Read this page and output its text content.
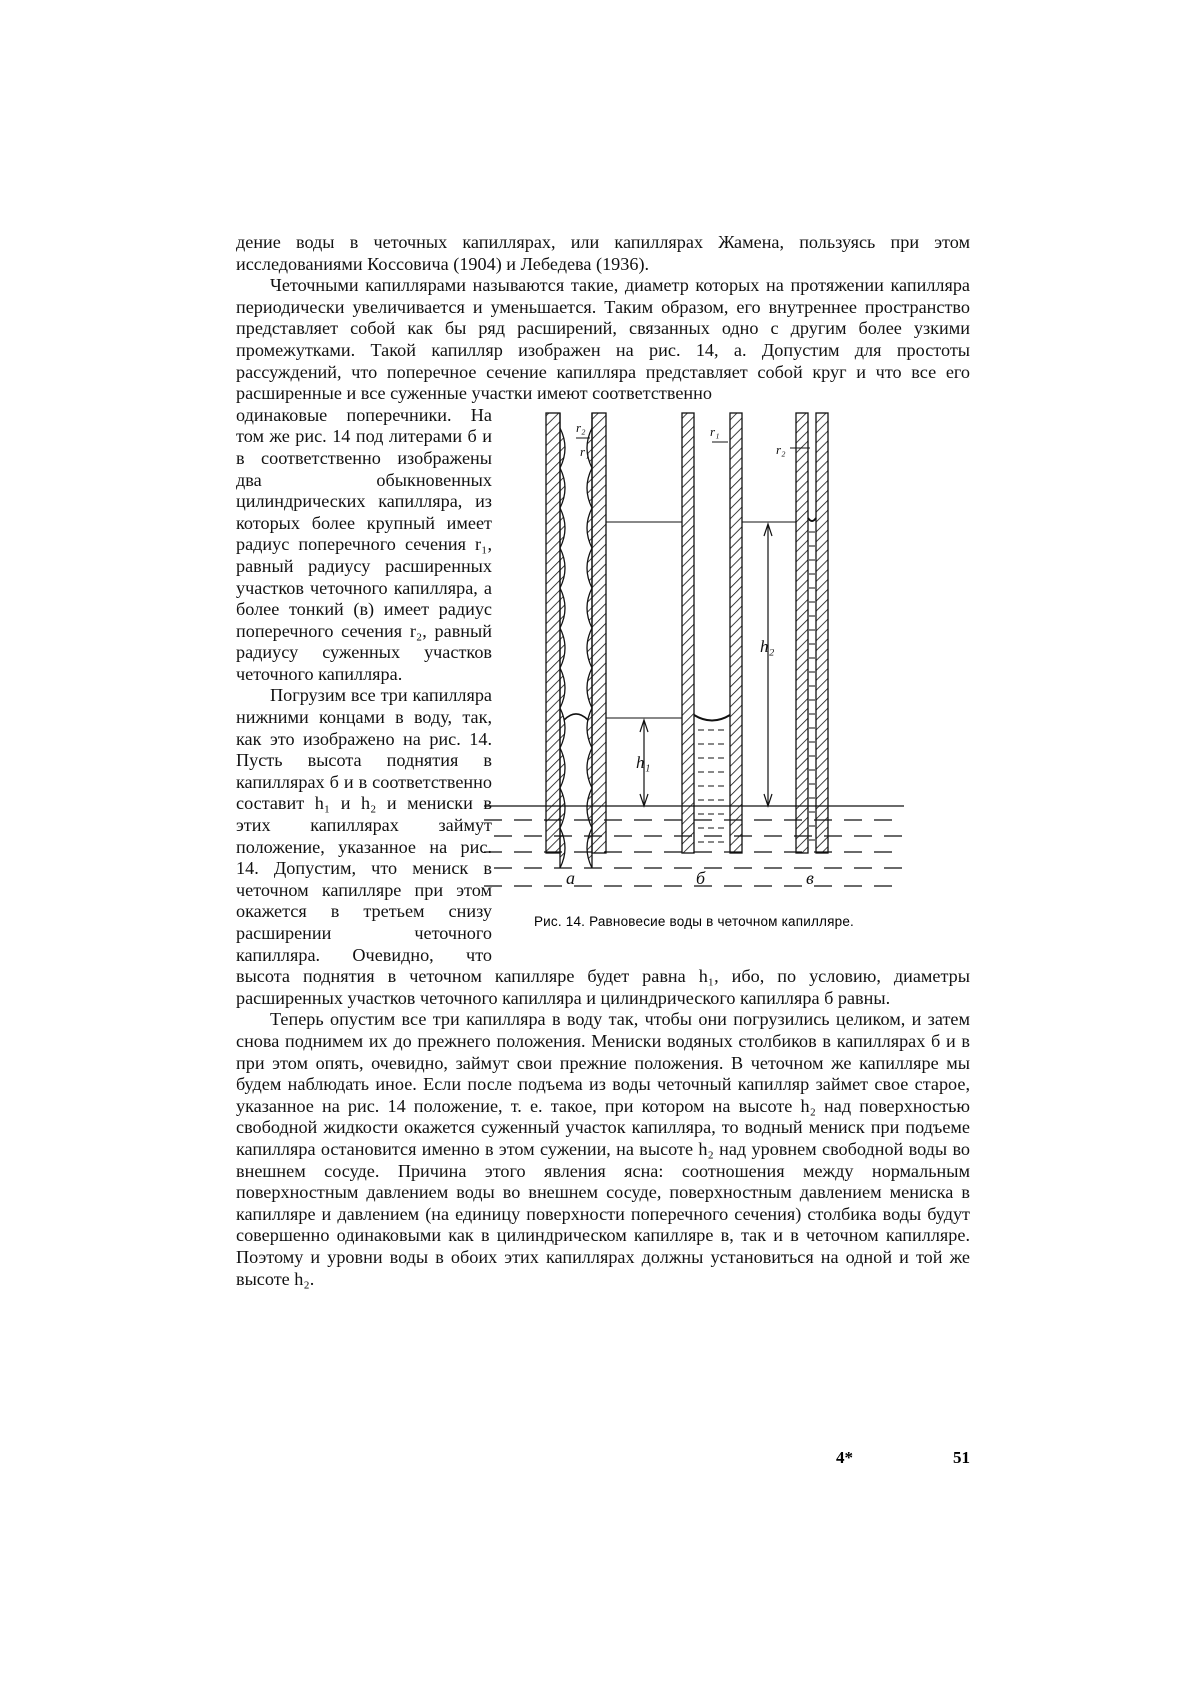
дение воды в четочных капиллярах, или капиллярах Жамена, пользуясь при этом исследованиями Коссовича (1904) и Лебедева (1936).

Четочными капиллярами называются такие, диаметр которых на протяжении капилляра периодически увеличивается и уменьшается. Таким образом, его внутреннее пространство представляет собой как бы ряд расширений, связанных одно с другим более узкими промежутками. Такой капилляр изображен на рис. 14, а. Допустим для простоты рассуждений, что поперечное сечение капилляра представляет собой круг и что все его расширенные и все суженные участки имеют соответственно

одинаковые поперечники. На том же рис. 14 под литерами б и в соответственно изображены два обыкновенных цилиндрических капилляра, из которых более крупный имеет радиус поперечного сечения r₁, равный радиусу расширенных участков четочного капилляра, а более тонкий (в) имеет радиус поперечного сечения r₂, равный радиусу суженных участков четочного капилляра.

Погрузим все три капилляра нижними концами в воду, так, как это изображено на рис. 14. Пусть высота поднятия в капиллярах б и в соответственно составит h₁ и h₂ и мениски в этих капиллярах займут положение, указанное на рис. 14. Допустим, что мениск в четочном капилляре при этом окажется в третьем снизу расширении четочного капилляра. Очевидно, что высота поднятия в четочном капилляре будет равна h₁, ибо, по условию, диаметры расширенных участков четочного капилляра и цилиндрического капилляра б равны.

Теперь опустим все три капилляра в воду так, чтобы они погрузились целиком, и затем снова поднимем их до прежнего положения. Мениски водяных столбиков в капиллярах б и в при этом опять, очевидно, займут свои прежние положения. В четочном же капилляре мы будем наблюдать иное. Если после подъема из воды четочный капилляр займет свое старое, указанное на рис. 14 положение, т. е. такое, при котором на высоте h₂ над поверхностью свободной жидкости окажется суженный участок капилляра, то водный мениск при подъеме капилляра остановится именно в этом сужении, на высоте h₂ над уровнем свободной воды во внешнем сосуде. Причина этого явления ясна: соотношения между нормальным поверхностным давлением воды во внешнем сосуде, поверхностным давлением мениска в капилляре и давлением (на единицу поверхности поперечного сечения) столбика воды будут совершенно одинаковыми как в цилиндрическом капилляре в, так и в четочном капилляре. Поэтому и уровни воды в обоих этих капиллярах должны установиться на одной и той же высоте h₂.

h₂
h₁
r₂
r₁
r₁
r₂
а	б	в
Рис. 14. Равновесие воды в четочном капилляре.
4*	51
